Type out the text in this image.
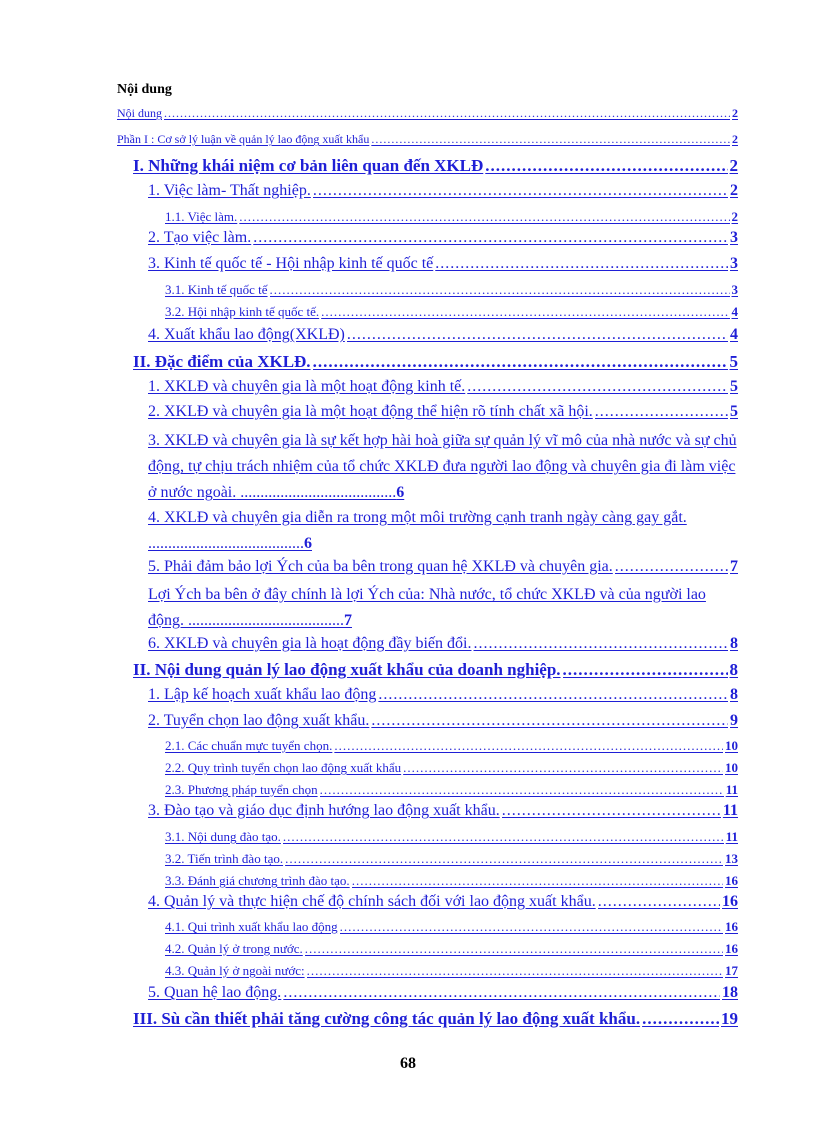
Nội dung
Nội dung .....	2
Phần I : Cơ sở lý luận về quản lý lao động xuất khẩu .....	2
I. Những khái niệm cơ bản liên quan đến XKLĐ .....	2
1. Việc làm- Thất nghiệp. .....	2
1.1. Việc làm. .....	2
2. Tạo việc làm. .....	3
3. Kinh tế quốc tế - Hội nhập kinh tế quốc tế .....	3
3.1. Kinh tế quốc tế .....	3
3.2. Hội nhập kinh tế quốc tế. .....	4
4. Xuất khẩu lao động(XKLĐ) .....	4
II. Đặc điểm của XKLĐ. .....	5
1. XKLĐ và chuyên gia là một hoạt động kinh tế. .....	5
2. XKLĐ và chuyên gia là một hoạt động thể hiện rõ tính chất xã hội. .....	5
3. XKLĐ và chuyên gia là sự kết hợp hài hoà giữa sự quản lý vĩ mô của nhà nước và sự chủ động, tự chịu trách nhiệm của tổ chức XKLĐ đưa người lao động và chuyên gia đi làm việc ở nước ngoài. .......................................6
4. XKLĐ và chuyên gia diễn ra trong một môi trường cạnh tranh ngày càng gay gắt. .......................................6
5. Phải đảm bảo lợi Ých của ba bên trong quan hệ XKLĐ và chuyên gia. .....	7
Lợi Ých ba bên ở đây chính là lợi Ých của: Nhà nước, tổ chức XKLĐ và của người lao động. .......................................7
6. XKLĐ và chuyên gia là hoạt động đầy biến đổi. .....	8
II. Nội dung quản lý lao động xuất khẩu của doanh nghiệp. .....	8
1. Lập kế hoạch xuất khẩu lao động .....	8
2. Tuyển chọn lao động xuất khẩu. .....	9
2.1. Các chuẩn mực tuyển chọn. .....	10
2.2. Quy trình tuyển chọn lao động xuất khẩu .....	10
2.3. Phương pháp tuyển chọn .....	11
3. Đào tạo và giáo dục định hướng lao động xuất khẩu. .....	11
3.1. Nội dung đào tạo. .....	11
3.2. Tiến trình đào tạo. .....	13
3.3. Đánh giá chương trình đào tạo. .....	16
4. Quản lý và thực hiện chế độ chính sách đối với lao động xuất khẩu. .....	16
4.1. Qui trình xuất khẩu lao động .....	16
4.2. Quản lý ở trong nước. .....	16
4.3. Quản lý ở ngoài nước: .....	17
5. Quan hệ lao động. .....	18
III. Sù cần thiết phải tăng cường công tác quản lý lao động xuất khẩu. .....	19
68
